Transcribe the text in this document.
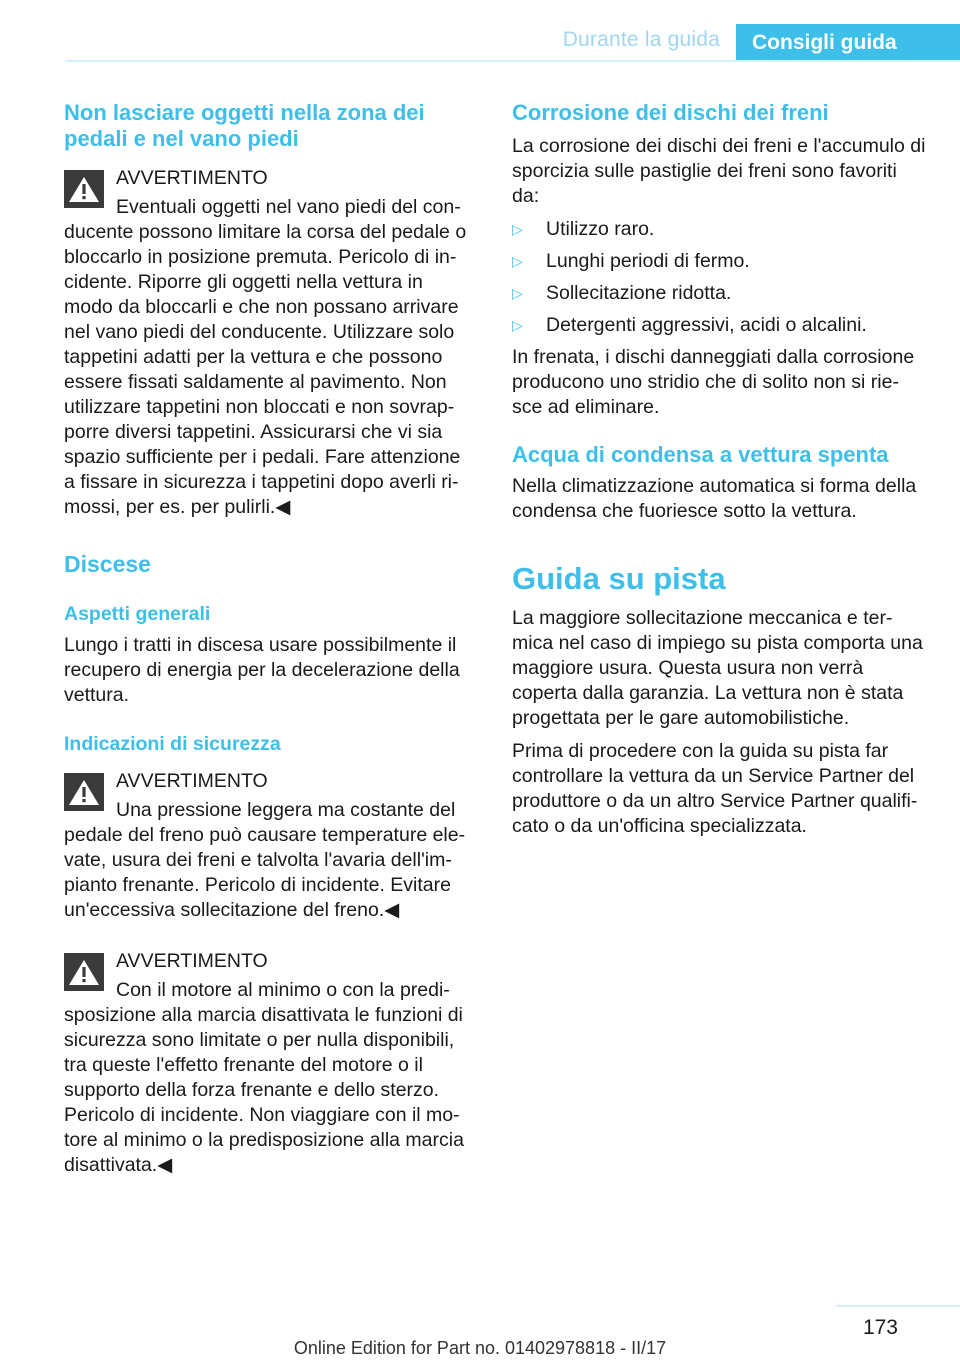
Durante la guida Consigli guida
Non lasciare oggetti nella zona dei pedali e nel vano piedi

AVVERTIMENTO

Eventuali oggetti nel vano piedi del con-ducente possono limitare la corsa del pedale o bloccarlo in posizione premuta. Pericolo di in-cidente. Riporre gli oggetti nella vettura in modo da bloccarli e che non possano arrivare nel vano piedi del conducente. Utilizzare solo tappetini adatti per la vettura e che possono essere fissati saldamente al pavimento. Non utilizzare tappetini non bloccati e non sovrap-porre diversi tappetini. Assicurarsi che vi sia spazio sufficiente per i pedali. Fare attenzione a fissare in sicurezza i tappetini dopo averli ri-mossi, per es. per pulirli.◀

Discese
Aspetti generali

Lungo i tratti in discesa usare possibilmente il recupero di energia per la decelerazione della vettura.

Indicazioni di sicurezza

AVVERTIMENTO

Una pressione leggera ma costante del pedale del freno può causare temperature ele-vate, usura dei freni e talvolta l'avaria dell'im-pianto frenante. Pericolo di incidente. Evitare un'eccessiva sollecitazione del freno.◀

AVVERTIMENTO

Con il motore al minimo o con la predi-sposizione alla marcia disattivata le funzioni di sicurezza sono limitate o per nulla disponibili, tra queste l'effetto frenante del motore o il supporto della forza frenante e dello sterzo. Pericolo di incidente. Non viaggiare con il mo-tore al minimo o la predisposizione alla marcia disattivata.◀

Corrosione dei dischi dei freni

La corrosione dei dischi dei freni e l'accumulo di sporcizia sulle pastiglie dei freni sono favoriti da:

▷ Utilizzo raro.
▷ Lunghi periodi di fermo.
▷ Sollecitazione ridotta.
▷ Detergenti aggressivi, acidi o alcalini.

In frenata, i dischi danneggiati dalla corrosione producono uno stridio che di solito non si rie-sce ad eliminare.

Acqua di condensa a vettura spenta

Nella climatizzazione automatica si forma della condensa che fuoriesce sotto la vettura.

Guida su pista

La maggiore sollecitazione meccanica e ter-mica nel caso di impiego su pista comporta una maggiore usura. Questa usura non verrà coperta dalla garanzia. La vettura non è stata progettata per le gare automobilistiche.

Prima di procedere con la guida su pista far controllare la vettura da un Service Partner del produttore o da un altro Service Partner qualifi-cato o da un'officina specializzata.

173
Online Edition for Part no. 01402978818 - II/17
